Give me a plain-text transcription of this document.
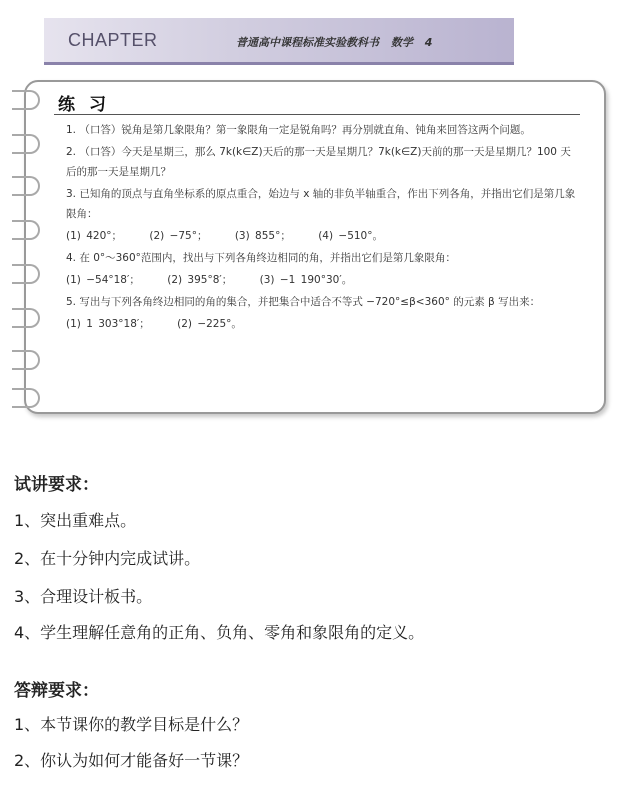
CHAPTER	普通高中课程标准实验教科书 数学 4
练习
1. （口答）锐角是第几象限角？第一象限角一定是锐角吗？再分别就直角、钝角来回答这两个问题。
2. （口答）今天是星期三，那么 7k(k∈Z)天后的那一天是星期几？7k(k∈Z)天前的那一天是星期几？100 天后的那一天是星期几？
3. 已知角的顶点与直角坐标系的原点重合，始边与 x 轴的非负半轴重合，作出下列各角，并指出它们是第几象限角：
(1) 420°；	(2) −75°；	(3) 855°；	(4) −510°。
4. 在 0°～360°范围内，找出与下列各角终边相同的角，并指出它们是第几象限角：
(1) −54°18′；	(2) 395°8′；	(3) −1 190°30′。
5. 写出与下列各角终边相同的角的集合，并把集合中适合不等式 −720°≤β<360° 的元素 β 写出来：
(1) 1 303°18′；	(2) −225°。
试讲要求：
1、突出重难点。
2、在十分钟内完成试讲。
3、合理设计板书。
4、学生理解任意角的正角、负角、零角和象限角的定义。
答辩要求：
1、本节课你的教学目标是什么？
2、你认为如何才能备好一节课？
